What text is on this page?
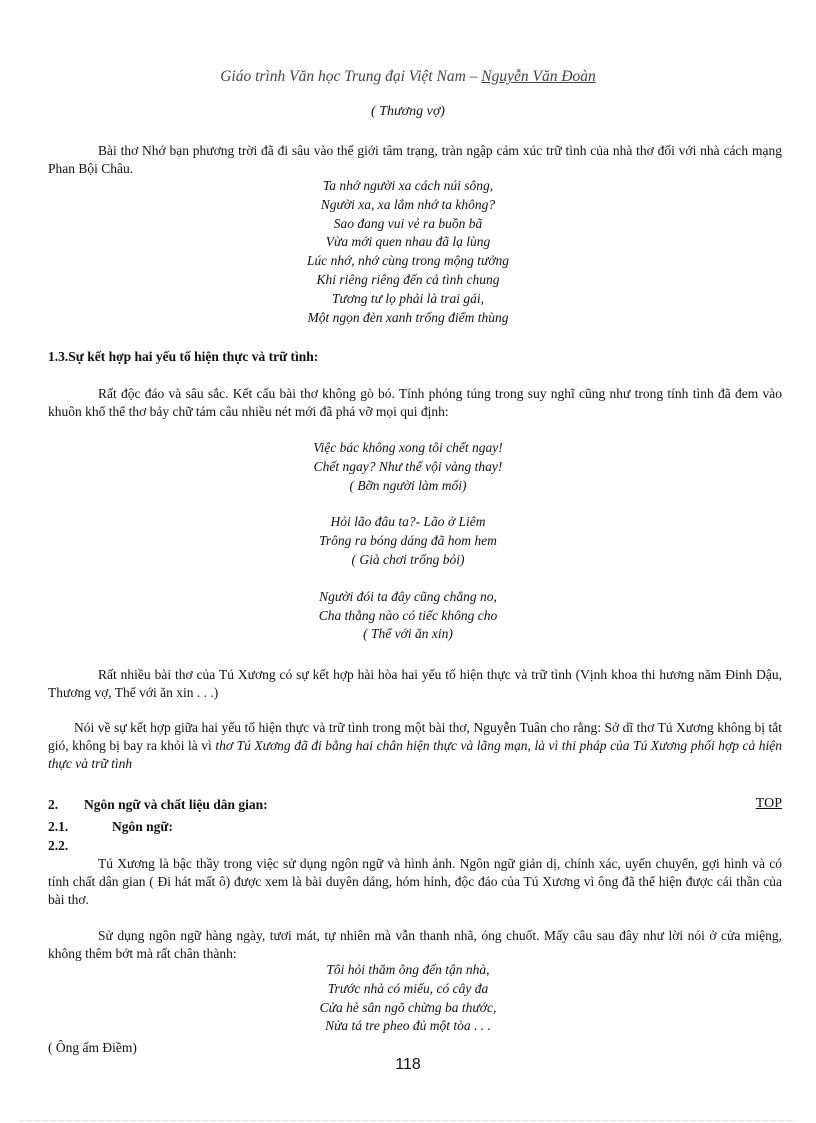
Giáo trình Văn học Trung đại Việt Nam – Nguyễn Văn Đoàn
( Thương vợ)

Bài thơ Nhớ bạn phương trời đã đi sâu vào thế giới tâm trạng, tràn ngập cảm xúc trữ tình của nhà thơ đối với nhà cách mạng Phan Bội Châu.

Ta nhớ người xa cách núi sông,
Người xa, xa lắm nhớ ta không?
Sao đang vui vẻ ra buồn bã
Vừa mới quen nhau đã lạ lùng
Lúc nhớ, nhớ cùng trong mộng tưởng
Khi riêng riêng đến cả tình chung
Tương tư lọ phải là trai gái,
Một ngọn đèn xanh trống điểm thùng
1.3.Sự kết hợp hai yếu tố hiện thực và trữ tình:

Rất độc đáo và sâu sắc. Kết cấu bài thơ không gò bó. Tính phóng túng trong suy nghĩ cũng như trong tính tình đã đem vào khuôn khổ thể thơ bảy chữ tám câu nhiều nét mới đã phá vỡ mọi qui định:

Việc bác không xong tôi chết ngay!
Chết ngay? Như thế vội vàng thay!
( Bỡn người làm mối)
Hỏi lão đâu ta?- Lão ở Liêm
Trông ra bóng dáng đã hom hem
( Già chơi trống bỏi)
Người đói ta đây cũng chẳng no,
Cha thằng nào có tiếc không cho
( Thể với ăn xin)

Rất nhiều bài thơ của Tú Xương có sự kết hợp hài hòa hai yếu tố hiện thực và trữ tình (Vịnh khoa thi hương năm Đinh Dậu, Thương vợ, Thể với ăn xin . . .)

Nói về sự kết hợp giữa hai yếu tố hiện thực và trữ tình trong một bài thơ, Nguyễn Tuân cho rằng: Sở dĩ thơ Tú Xương không bị tắt gió, không bị bay ra khỏi là vì thơ Tú Xương đã đi bằng hai chân hiện thực và lãng mạn, là vì thi pháp của Tú Xương phối hợp cả hiện thực và trữ tình

2. Ngôn ngữ và chất liệu dân gian:	TOP
2.1.	Ngôn ngữ:
2.2.

Tú Xương là bậc thầy trong việc sử dụng ngôn ngữ và hình ảnh. Ngôn ngữ giản dị, chính xác, uyển chuyển, gợi hình và có tính chất dân gian ( Đi hát mất ô) được xem là bài duyên dáng, hóm hỉnh, độc đáo của Tú Xương vì ông đã thể hiện được cái thần của bài thơ.

Sử dụng ngôn ngữ hàng ngày, tươi mát, tự nhiên mà vẫn thanh nhã, óng chuốt. Mấy câu sau đây như lời nói ở cửa miệng, không thêm bớt mà rất chân thành:

Tôi hỏi thăm ông đến tận nhà,
Trước nhà có miếu, có cây đa
Cửa hè sân ngõ chừng ba thước,
Nửa tá tre pheo đủ một tòa . . .
( Ông ấm Điềm)
118
